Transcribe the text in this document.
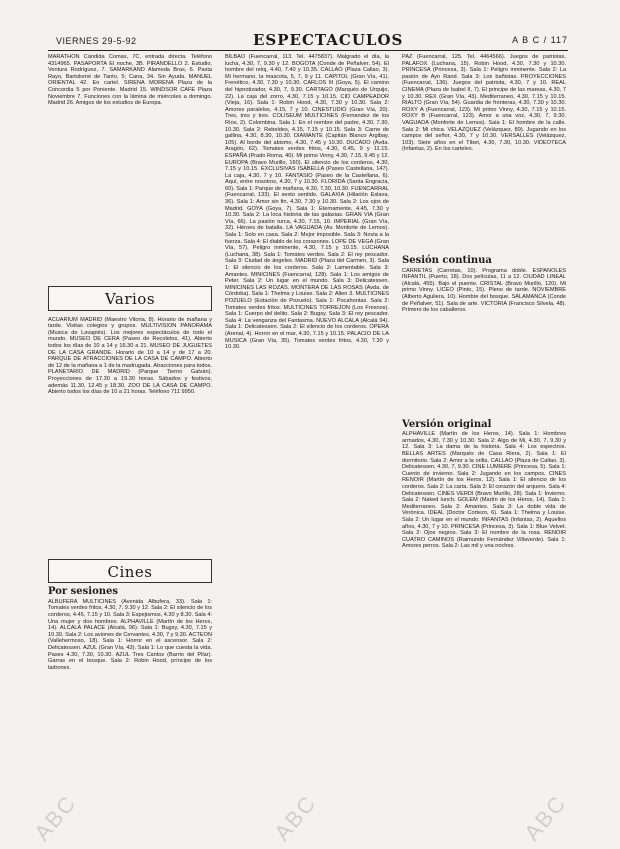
VIERNES 29-5-92	ESPECTACULOS	A B C / 117

MARATHON Cándida Comas, 7C, entrada directa. Teléfono 4314965. PASAPORTA El noche, 3B. PIRANDELLO 2. Estudio, Ventura Rodríguez, 7. SAMARKAND Alameda Bras, 6. Pasta Rayo, Bartolomé de Tanto, 5; Cana, 34. Sin Ayuda. MANUEL ORIENTAL 42. En cartel. SIRENA MORENA Plaza de la Concordia 5 por Poniente. Madrid 15. WINDSOR CAFE Plaza Noviembre 7. Funciones con la lámina de miércoles a domingo. Madrid 26. Amigos de los estudios de Europa.

Varios

ACUARIUM MADRID (Maestro Vitoria, 8). Horario de mañana y tarde. Visitas colegios y grupos. MULTIVISION PANORAMA (Musica de Lavapiés). Los mejores espectáculos de todo el mundo. MUSEO DE CERA (Paseo de Recoletos, 41). Abierto todos los días de 10 a 14 y 16.30 a 21. MUSEO DE JUGUETES DE LA CASA GRANDE. Horario de 10 a 14 y de 17 a 20. PARQUE DE ATRACCIONES DE LA CASA DE CAMPO. Abierto de 12 de la mañana a 1 de la madrugada. Atracciones para todos. PLANETARIO DE MADRID (Parque Tierno Galván). Proyecciones de 17.30 a 19.30 horas. Sábados y festivos, además 11.30, 12.45 y 18.30. ZOO DE LA CASA DE CAMPO. Abierto todos los días de 10 a 21 horas. Teléfono 711 9950.

Cines
Por sesiones

ALBUFERA MULTICINES (Avenida Albufera, 33). Sala 1: Tomates verdes fritos, 4.30, 7, 9.30 y 12. Sala 2: El silencio de los corderos, 4.45, 7.15 y 10. Sala 3: Espejismos, 4.30 y 8.30. Sala 4: Una mujer y dos hombres. ALPHAVILLE (Martín de los Heros, 14). ALCALA PALACE (Alcalá, 96). Sala 1: Bugsy, 4.30, 7.15 y 10.30. Sala 2: Los aviones de Cervantes, 4.30, 7 y 9.30. ACTEON (Vallehermoso, 18). Sala 1: Horror en el ascensor. Sala 2: Delicatessen. AZUL (Gran Vía, 43). Sala 1: Lo que cuesta la vida. Pases 4.30, 7.30, 10.30. AZUL Tres Cantos (Barrio del Pilar). Garras en el bosque. Sala 2: Robin Hood, príncipe de los ladrones.

BILBAO (Fuencarral, 113. Tel. 4475837). Malgrado el día, la lucha, 4.30, 7, 9.30 y 12. BOGOTA (Conde de Peñalver, 54). El hombre del reloj, 4.40, 7.40 y 10.35. CALLAO (Plaza Callao, 3). Mi hermano, la mascota, 5, 7, 9 y 11. CAPITOL (Gran Vía, 41). Frenético, 4.30, 7.30 y 10.30. CARLOS III (Goya, 5). El camino del hipnotizador, 4.30, 7, 9.30. CARTAGO (Marqués de Urquijo, 22). La caja del zorro, 4.30, 7.15 y 10.15. CID CAMPEADOR (Vieja, 16). Sala 1: Robin Hood, 4.30, 7.30 y 10.30. Sala 2: Amores paralelos, 4.15, 7 y 10. CINESTUDIO (Gran Vía, 20). Tres, tres y tres. COLISEUM MULTICINES (Fernandez de los Ríos, 2). Colombina. Sala 1: En el nombre del padre, 4.30, 7.30, 10.30. Sala 2: Rebeldes, 4.15, 7.15 y 10.15. Sala 3: Carne de gallina, 4.30, 8.30, 10.30. DIAMANTE (Capitán Blanco Argibay, 105). Al borde del abismo, 4.30, 7.45 y 10.30. DUCADO (Avda. Aragón, 62). Tomates verdes fritos, 4.30, 6.45, 9 y 11.15. ESPAÑA (Prado Roma, 40). Mi primo Vinny, 4.30, 7.15, 9.45 y 12. EUROPA (Bravo Murillo, 160). El silencio de los corderos, 4.30, 7.15 y 10.15. EXCLUSIVAS ISABELLA (Paseo Castellana, 147). La caja, 4.30, 7 y 10. FANTASIO (Paseo de la Castellana, 6). Aquí, entre nosotros, 4.30, 7 y 10.30. FLORIDA (Santa Engracia, 60). Sala 1: Parque de mañana, 4.30, 7.30, 10.30. FUENCARRAL (Fuencarral, 133). El sexto sentido. GALAXIA (Hilarión Eslava, 36). Sala 1: Amor sin fin, 4.30, 7.30 y 10.30. Sala 2: Los ojos de Madrid. GOYA (Goya, 7). Sala 1: Eternamente, 4.45, 7.30 y 10.30. Sala 2: La loca historia de las galaxias. GRAN VIA (Gran Vía, 66). La pasión turca, 4.30, 7.15, 10. IMPERIAL (Gran Vía, 32). Héroes de batalla. LA VAGUADA (Av. Monforte de Lemos). Sala 1: Solo en casa. Sala 2: Mejor imposible. Sala 3: Novia a la fuerza. Sala 4: El diablo de los corazones. LOPE DE VEGA (Gran Vía, 57). Peligro inminente, 4.30, 7.15 y 10.15. LUCHANA (Luchana, 38). Sala 1: Tomates verdes. Sala 2: El rey pescador. Sala 3: Ciudad de ángeles. MADRID (Plaza del Carmen, 3). Sala 1: El silencio de los corderos. Sala 2: Lamentable. Sala 3: Amantes. MINICINES (Fuencarral, 128). Sala 1: Los amigos de Peter. Sala 2: Un lugar en el mundo. Sala 3: Delicatessen. MINICINES LAS ROZAS. MONTERA DE LAS ROSAS (Avda. de Córdoba). Sala 1: Thelma y Louise. Sala 2: Alien 3. MULTICINES POZUELO (Estación de Pozuelo). Sala 1: Pocahontas. Sala 2: Tomates verdes fritos. MULTICINES TORREJON (Los Fresnos). Sala 1: Cuerpo del delito. Sala 2: Bugsy. Sala 3: El rey pescador. Sala 4: La venganza del Fantasma. NUEVO ALCALA (Alcalá 94). Sala 1: Delicatessen. Sala 2: El silencio de los corderos. OPERA (Arenal, 4). Horror en el mar, 4.30, 7.15 y 10.15. PALACIO DE LA MUSICA (Gran Vía, 35). Tomates verdes fritos, 4.30, 7.30 y 10.30.

PAZ (Fuencarral, 125. Tel. 4464566). Juegos de patriotas. PALAFOX (Luchana, 15). Robin Hood, 4.30, 7.30 y 10.30. PRINCESA (Princesa, 3). Sala 1: Peligro inminente. Sala 2: La pasión de Ayn Rand. Sala 3: Los bañistas. PROYECCIONES (Fuencarral, 136). Juegos del patriota, 4.30, 7 y 10. REAL CINEMA (Plaza de Isabel II, 7). El principe de las mareas, 4.30, 7 y 10.30. REX (Gran Vía, 43). Mediterraneo, 4.30, 7.15 y 10.15. RIALTO (Gran Vía, 54). Guardia de fronteras, 4.30, 7.30 y 10.30. ROXY A (Fuencarral, 123). Mi primo Vinny, 4.30, 7.15 y 10.15. ROXY B (Fuencarral, 123). Amor a una voz, 4.30, 7, 9.30. VAGUADA (Monforte de Lemos). Sala 1: El hombre de la calle. Sala 2: Mi chica. VELAZQUEZ (Velázquez, 89). Jugando en los campos del señor, 4.30, 7 y 10.30. VERSALLES (Velázquez, 103). Siete años en el Tíbet, 4.30, 7.30, 10.30. VIDEOTECA (Infantas, 2). En los carteles.

Sesión continua

CARRETAS (Carretas, 10). Programa doble. ESPAÑOLES INFANTIL (Puerto, 18). Dos películas, 11 a 12. CIUDAD LINEAL (Alcalá, 455). Bajo el puente. CRISTAL (Bravo Murillo, 120). Mi primo Vinny. LICEO (Pinto, 15). Pleno de tarde. NOVIEMBRE (Alberto Aguilera, 10). Hombre del bosque. SALAMANCA (Conde de Peñalver, 51). Sala de arte. VICTORIA (Francisco Silvela, 48). Primero de los caballeros.

Versión original

ALPHAVILLE (Martín de los Heros, 14). Sala 1: Hombres armados, 4.30, 7.30 y 10.30. Sala 2: Algo de Mi, 4.30, 7, 9.30 y 12. Sala 3: La dama de la historia. Sala 4: Los espectros. BELLAS ARTES (Marqués de Casa Riera, 2). Sala 1: El dormitorio. Sala 2: Amor a la orilla. CALLAO (Plaza de Callao, 3). Delicatessen, 4.30, 7, 9.30. CINE LUMIERE (Princesa, 5). Sala 1: Cuento de invierno. Sala 2: Jugando en los campos. CINES RENOIR (Martín de los Heros, 12). Sala 1: El silencio de los corderos. Sala 2: La carta. Sala 3: El corazón del arquero. Sala 4: Delicatessen. CINES VERDI (Bravo Murillo, 28). Sala 1: Invierno. Sala 2: Naked lunch. GOLEM (Martín de los Heros, 14). Sala 1: Mediterraneo. Sala 2: Amantes. Sala 3: La doble vida de Verónica. IDEAL (Doctor Cortezo, 6). Sala 1: Thelma y Louise. Sala 2: Un lugar en el mundo. INFANTAS (Infantas, 2). Aquellos años, 4.30, 7 y 10. PRINCESA (Princesa, 3). Sala 1: Blue Velvet. Sala 2: Ojos negros. Sala 3: El nombre de la rosa. RENOIR CUATRO CAMINOS (Raimundo Fernández Villaverde). Sala 1: Amores perros. Sala 2: Las mil y una noches.

ABC	ABC	ABC
